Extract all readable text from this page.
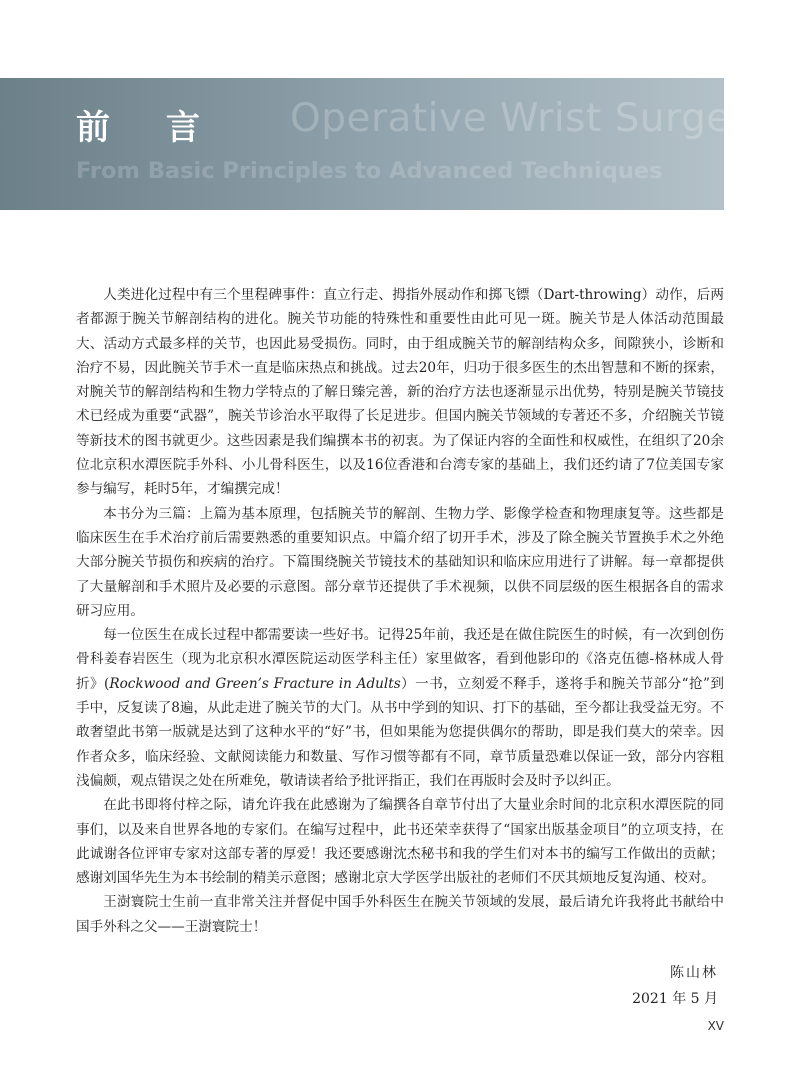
Operative Wrist Surgery
From Basic Principles to Advanced Techniques
前 言

人类进化过程中有三个里程碑事件：直立行走、拇指外展动作和掷飞镖（Dart-throwing）动作，后两者都源于腕关节解剖结构的进化。腕关节功能的特殊性和重要性由此可见一斑。腕关节是人体活动范围最大、活动方式最多样的关节，也因此易受损伤。同时，由于组成腕关节的解剖结构众多，间隙狭小，诊断和治疗不易，因此腕关节手术一直是临床热点和挑战。过去20年，归功于很多医生的杰出智慧和不断的探索，对腕关节的解剖结构和生物力学特点的了解日臻完善，新的治疗方法也逐渐显示出优势，特别是腕关节镜技术已经成为重要“武器”，腕关节诊治水平取得了长足进步。但国内腕关节领域的专著还不多，介绍腕关节镜等新技术的图书就更少。这些因素是我们编撰本书的初衷。为了保证内容的全面性和权威性，在组织了20余位北京积水潭医院手外科、小儿骨科医生，以及16位香港和台湾专家的基础上，我们还约请了7位美国专家参与编写，耗时5年，才编撰完成！

本书分为三篇：上篇为基本原理，包括腕关节的解剖、生物力学、影像学检查和物理康复等。这些都是临床医生在手术治疗前后需要熟悉的重要知识点。中篇介绍了切开手术，涉及了除全腕关节置换手术之外绝大部分腕关节损伤和疾病的治疗。下篇围绕腕关节镜技术的基础知识和临床应用进行了讲解。每一章都提供了大量解剖和手术照片及必要的示意图。部分章节还提供了手术视频，以供不同层级的医生根据各自的需求研习应用。

每一位医生在成长过程中都需要读一些好书。记得25年前，我还是在做住院医生的时候，有一次到创伤骨科姜春岩医生（现为北京积水潭医院运动医学科主任）家里做客，看到他影印的《洛克伍德-格林成人骨折》(Rockwood and Green’s Fracture in Adults）一书，立刻爱不释手，遂将手和腕关节部分“抢”到手中，反复读了8遍，从此走进了腕关节的大门。从书中学到的知识、打下的基础，至今都让我受益无穷。不敢奢望此书第一版就是达到了这种水平的“好”书，但如果能为您提供偶尔的帮助，即是我们莫大的荣幸。因作者众多，临床经验、文献阅读能力和数量、写作习惯等都有不同，章节质量恐难以保证一致，部分内容粗浅偏颇，观点错误之处在所难免，敬请读者给予批评指正，我们在再版时会及时予以纠正。

在此书即将付梓之际，请允许我在此感谢为了编撰各自章节付出了大量业余时间的北京积水潭医院的同事们，以及来自世界各地的专家们。在编写过程中，此书还荣幸获得了“国家出版基金项目”的立项支持，在此诚谢各位评审专家对这部专著的厚爱！我还要感谢沈杰秘书和我的学生们对本书的编写工作做出的贡献；感谢刘国华先生为本书绘制的精美示意图；感谢北京大学医学出版社的老师们不厌其烦地反复沟通、校对。

王澍寰院士生前一直非常关注并督促中国手外科医生在腕关节领域的发展，最后请允许我将此书献给中国手外科之父——王澍寰院士！

陈山林
2021 年 5 月
XV
